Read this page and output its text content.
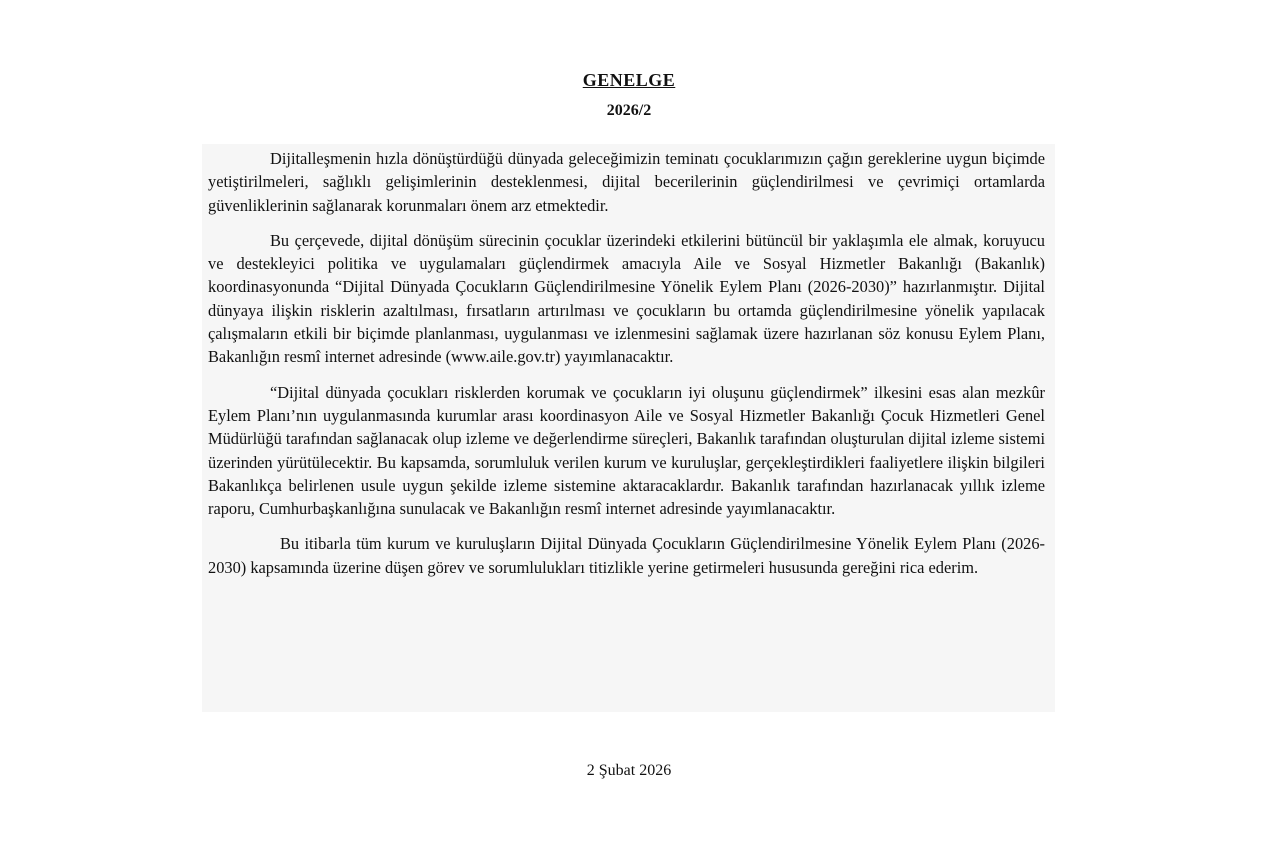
GENELGE
2026/2

Dijitalleşmenin hızla dönüştürdüğü dünyada geleceğimizin teminatı çocuklarımızın çağın gereklerine uygun biçimde yetiştirilmeleri, sağlıklı gelişimlerinin desteklenmesi, dijital becerilerinin güçlendirilmesi ve çevrimiçi ortamlarda güvenliklerinin sağlanarak korunmaları önem arz etmektedir.

Bu çerçevede, dijital dönüşüm sürecinin çocuklar üzerindeki etkilerini bütüncül bir yaklaşımla ele almak, koruyucu ve destekleyici politika ve uygulamaları güçlendirmek amacıyla Aile ve Sosyal Hizmetler Bakanlığı (Bakanlık) koordinasyonunda “Dijital Dünyada Çocukların Güçlendirilmesine Yönelik Eylem Planı (2026-2030)” hazırlanmıştır. Dijital dünyaya ilişkin risklerin azaltılması, fırsatların artırılması ve çocukların bu ortamda güçlendirilmesine yönelik yapılacak çalışmaların etkili bir biçimde planlanması, uygulanması ve izlenmesini sağlamak üzere hazırlanan söz konusu Eylem Planı, Bakanlığın resmî internet adresinde (www.aile.gov.tr) yayımlanacaktır.

“Dijital dünyada çocukları risklerden korumak ve çocukların iyi oluşunu güçlendirmek” ilkesini esas alan mezkûr Eylem Planı’nın uygulanmasında kurumlar arası koordinasyon Aile ve Sosyal Hizmetler Bakanlığı Çocuk Hizmetleri Genel Müdürlüğü tarafından sağlanacak olup izleme ve değerlendirme süreçleri, Bakanlık tarafından oluşturulan dijital izleme sistemi üzerinden yürütülecektir. Bu kapsamda, sorumluluk verilen kurum ve kuruluşlar, gerçekleştirdikleri faaliyetlere ilişkin bilgileri Bakanlıkça belirlenen usule uygun şekilde izleme sistemine aktaracaklardır. Bakanlık tarafından hazırlanacak yıllık izleme raporu, Cumhurbaşkanlığına sunulacak ve Bakanlığın resmî internet adresinde yayımlanacaktır.

Bu itibarla tüm kurum ve kuruluşların Dijital Dünyada Çocukların Güçlendirilmesine Yönelik Eylem Planı (2026-2030) kapsamında üzerine düşen görev ve sorumlulukları titizlikle yerine getirmeleri hususunda gereğini rica ederim.

2 Şubat 2026
